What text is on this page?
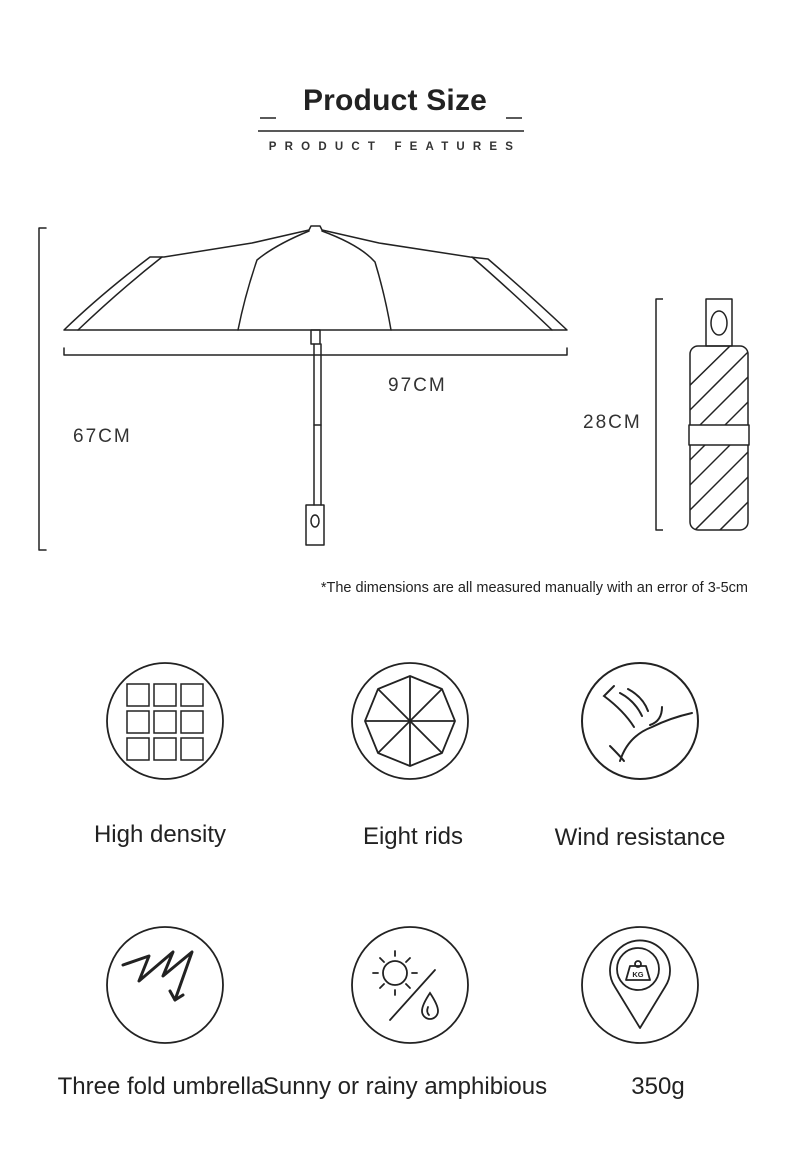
Product Size
PRODUCT FEATURES
97CM
67CM
28CM
*The dimensions are all measured manually with an error of 3-5cm
High density	Eight rids	Wind resistance
KG
Three fold umbrella
Sunny or rainy amphibious	350g
